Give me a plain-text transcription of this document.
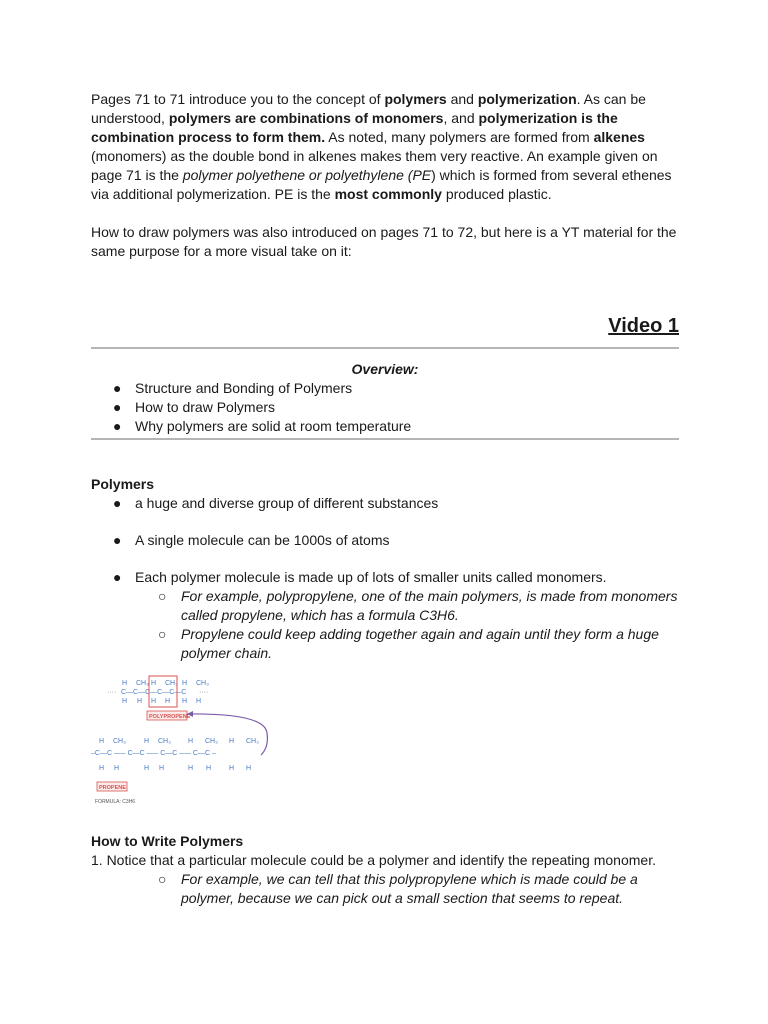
Pages 71 to 71 introduce you to the concept of polymers and polymerization. As can be understood, polymers are combinations of monomers, and polymerization is the combination process to form them. As noted, many polymers are formed from alkenes (monomers) as the double bond in alkenes makes them very reactive. An example given on page 71 is the polymer polyethene or polyethylene (PE) which is formed from several ethenes via additional polymerization. PE is the most commonly produced plastic.

How to draw polymers was also introduced on pages 71 to 72, but here is a YT material for the same purpose for a more visual take on it:

Video 1
Overview:
● Structure and Bonding of Polymers
● How to draw Polymers
● Why polymers are solid at room temperature
Polymers
● a huge and diverse group of different substances
● A single molecule can be 1000s of atoms
● Each polymer molecule is made up of lots of smaller units called monomers.
○ For example, polypropylene, one of the main polymers, is made from monomers called propylene, which has a formula C3H6.
○ Propylene could keep adding together again and again until they form a huge polymer chain.
H CH₃ H CH₃ H CH₃
···· C—C—C—C—C—C ····
H H H H H H
POLYPROPENE
H CH₃	H CH₃ H CH₃ H CH₃
–C—C ––– C—C ––– C—C ––– C—C –
H H	H H	H H	H H
PROPENE
FORMULA: C3H6
How to Write Polymers

1. Notice that a particular molecule could be a polymer and identify the repeating monomer.

○ For example, we can tell that this polypropylene which is made could be a polymer, because we can pick out a small section that seems to repeat.
